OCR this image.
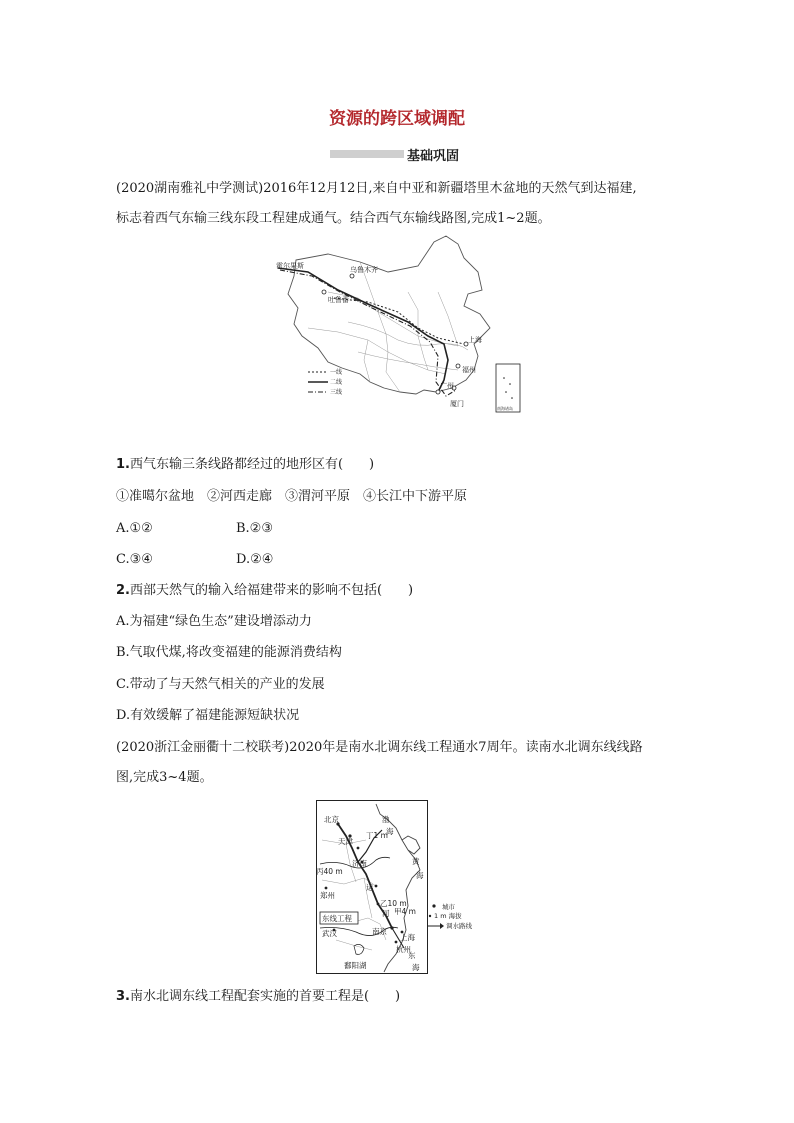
资源的跨区域调配
基础巩固
(2020湖南雅礼中学测试)2016年12月12日,来自中亚和新疆塔里木盆地的天然气到达福建,
标志着西气东输三线东段工程建成通气。结合西气东输线路图,完成1~2题。
霍尔果斯	乌鲁木齐
吐鲁番
上海
福州
广州
厦门
一线
二线
三线
南海诸岛
1.西气东输三条线路都经过的地形区有(　　)
①准噶尔盆地　②河西走廊　③渭河平原　④长江中下游平原
A.①②	B.②③
C.③④	D.②④
2.西部天然气的输入给福建带来的影响不包括(　　)
A.为福建“绿色生态”建设增添动力
B.气取代煤,将改变福建的能源消费结构
C.带动了与天然气相关的产业的发展
D.有效缓解了福建能源短缺状况
(2020浙江金丽衢十二校联考)2020年是南水北调东线工程通水7周年。读南水北调东线线路
图,完成3~4题。
北京
天津
丁1 m
渤
海
济南
丙40 m
黄
海
郑州
运
河
乙10 m
甲4 m
南京
上海
武汉
杭州
东
海
鄱阳湖
东线工程
城市
1 m 海拔
调水路线
3.南水北调东线工程配套实施的首要工程是(　　)
